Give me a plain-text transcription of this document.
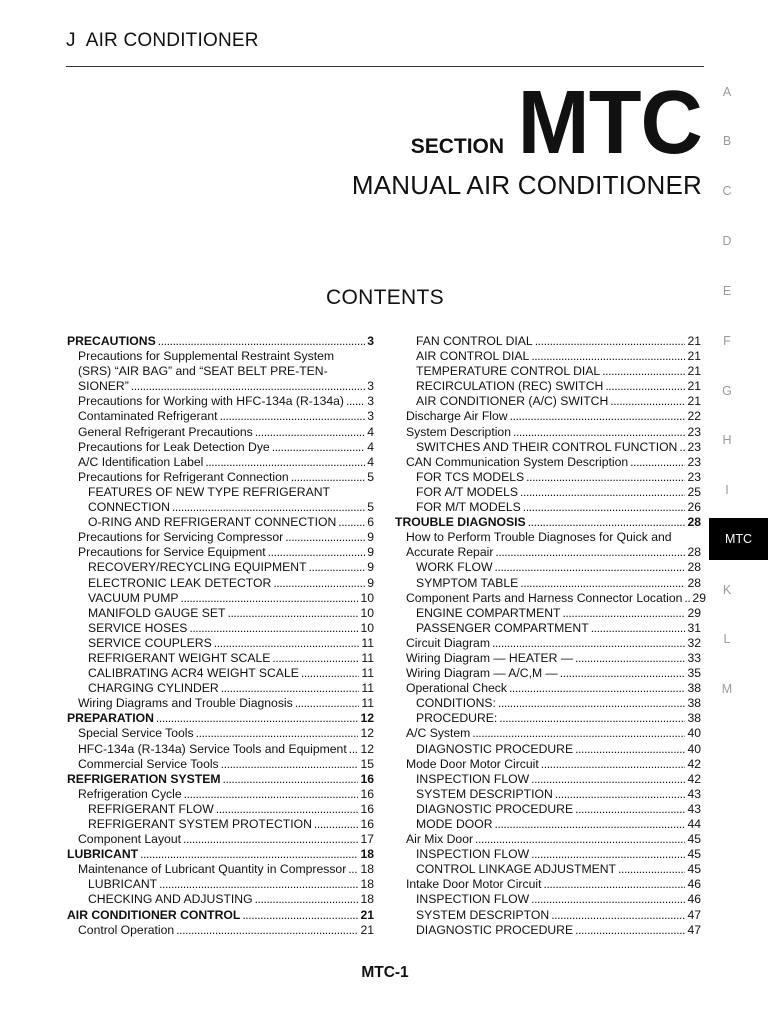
J AIR CONDITIONER
SECTION MTC
MANUAL AIR CONDITIONER
CONTENTS
PRECAUTIONS . . .	3
Precautions for Supplemental Restraint System
(SRS) “AIR BAG” and “SEAT BELT PRE-TEN-
SIONER” . . .	3
Precautions for Working with HFC-134a (R-134a) . . . 3
Contaminated Refrigerant . . .	3
General Refrigerant Precautions . . .	4
Precautions for Leak Detection Dye . . .	4
A/C Identification Label . . .	4
Precautions for Refrigerant Connection . . .	5
FEATURES OF NEW TYPE REFRIGERANT
CONNECTION . . .	5
O-RING AND REFRIGERANT CONNECTION . . .	6
Precautions for Servicing Compressor . . .	9
Precautions for Service Equipment . . .	9
RECOVERY/RECYCLING EQUIPMENT . . .	9
ELECTRONIC LEAK DETECTOR . . .	9
VACUUM PUMP . . .	10
MANIFOLD GAUGE SET . . .	10
SERVICE HOSES . . .	10
SERVICE COUPLERS . . .	11
REFRIGERANT WEIGHT SCALE . . .	11
CALIBRATING ACR4 WEIGHT SCALE . . .	11
CHARGING CYLINDER . . .	11
Wiring Diagrams and Trouble Diagnosis . . .	11
PREPARATION . . .	12
Special Service Tools . . .	12
HFC-134a (R-134a) Service Tools and Equipment . . . 12
Commercial Service Tools . . .	15
REFRIGERATION SYSTEM . . .	16
Refrigeration Cycle . . .	16
REFRIGERANT FLOW . . .	16
REFRIGERANT SYSTEM PROTECTION . . .	16
Component Layout . . .	17
LUBRICANT . . .	18
Maintenance of Lubricant Quantity in Compressor . . . 18
LUBRICANT . . .	18
CHECKING AND ADJUSTING . . .	18
AIR CONDITIONER CONTROL . . .	21
Control Operation . . .	21
FAN CONTROL DIAL . . .	21
AIR CONTROL DIAL . . .	21
TEMPERATURE CONTROL DIAL . . .	21
RECIRCULATION (REC) SWITCH . . .	21
AIR CONDITIONER (A/C) SWITCH . . .	21
Discharge Air Flow . . .	22
System Description . . .	23
SWITCHES AND THEIR CONTROL FUNCTION . . . 23
CAN Communication System Description . . .	23
FOR TCS MODELS . . .	23
FOR A/T MODELS . . .	25
FOR M/T MODELS . . .	26
TROUBLE DIAGNOSIS . . .	28
How to Perform Trouble Diagnoses for Quick and
Accurate Repair . . .	28
WORK FLOW . . .	28
SYMPTOM TABLE . . .	28
Component Parts and Harness Connector Location . . . 29
ENGINE COMPARTMENT . . .	29
PASSENGER COMPARTMENT . . .	31
Circuit Diagram . . .	32
Wiring Diagram — HEATER — . . .	33
Wiring Diagram — A/C,M — . . .	35
Operational Check . . .	38
CONDITIONS: . . .	38
PROCEDURE: . . .	38
A/C System . . .	40
DIAGNOSTIC PROCEDURE . . .	40
Mode Door Motor Circuit . . .	42
INSPECTION FLOW . . .	42
SYSTEM DESCRIPTION . . .	43
DIAGNOSTIC PROCEDURE . . .	43
MODE DOOR . . .	44
Air Mix Door . . .	45
INSPECTION FLOW . . .	45
CONTROL LINKAGE ADJUSTMENT . . .	45
Intake Door Motor Circuit . . .	46
INSPECTION FLOW . . .	46
SYSTEM DESCRIPTON . . .	47
DIAGNOSTIC PROCEDURE . . .	47
A
B
C
D
E
F
G
H
I
K
L
M
MTC
MTC-1
